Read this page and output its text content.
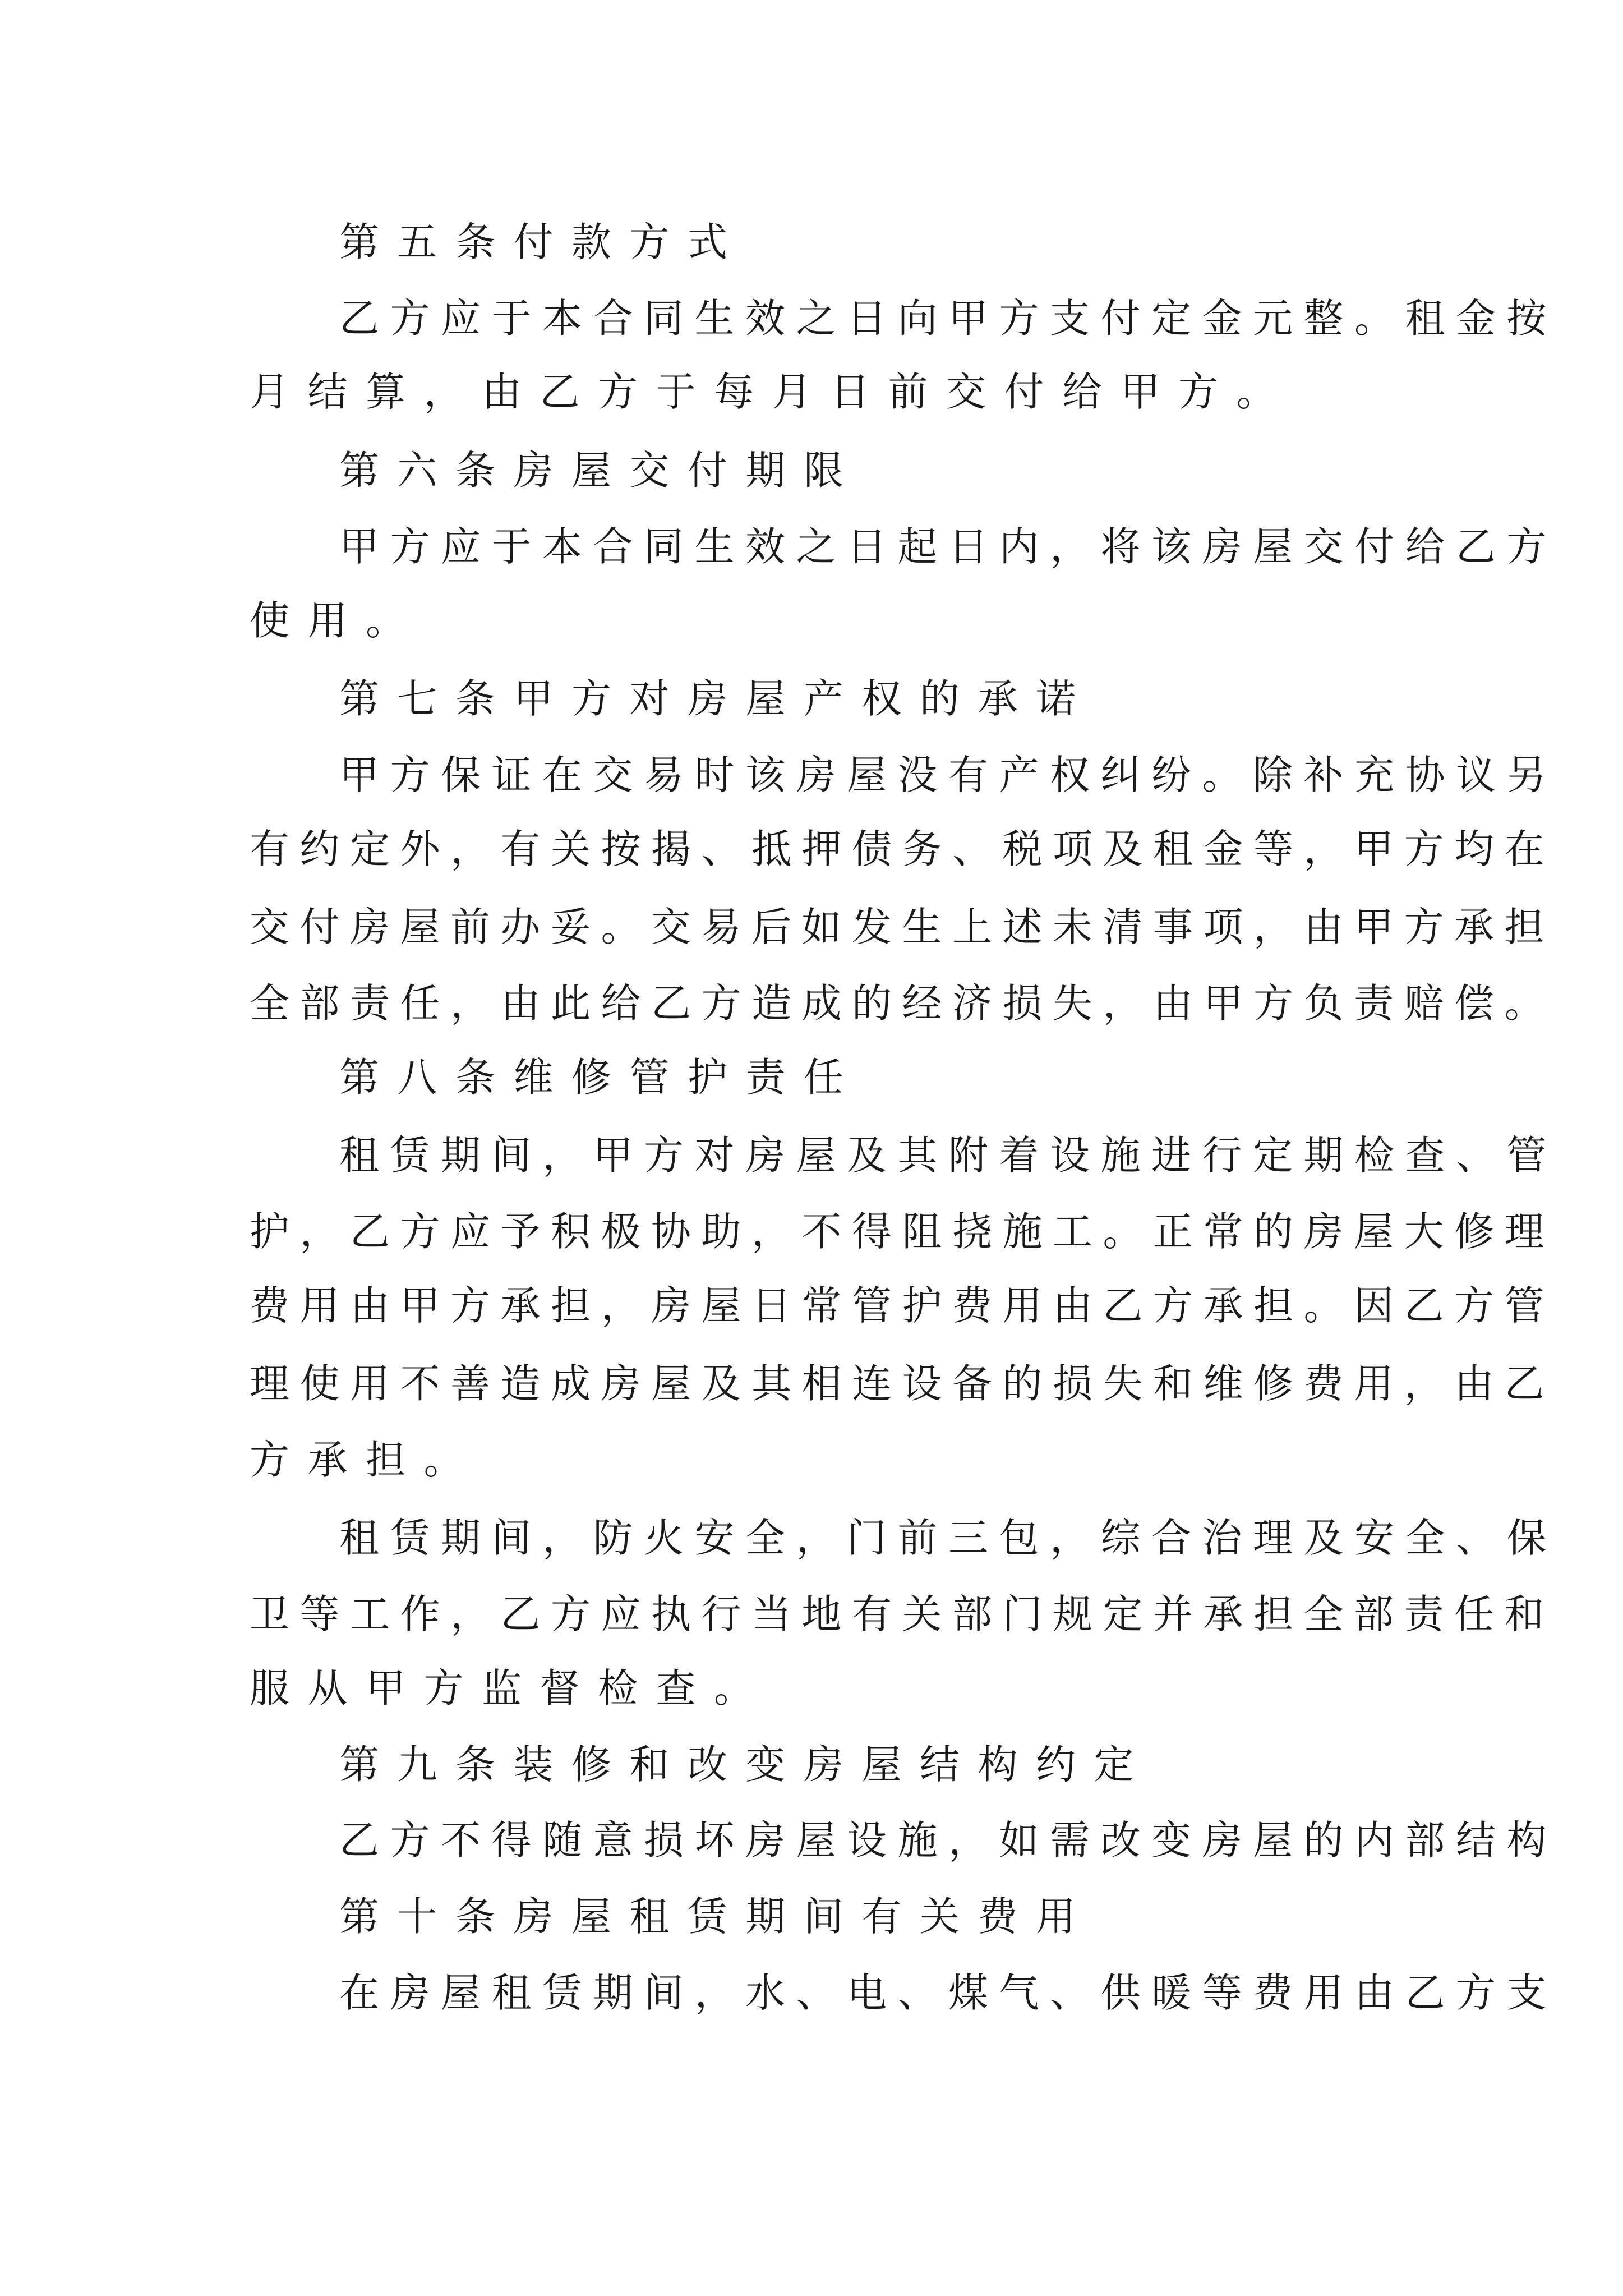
第五条付款方式

乙方应于本合同生效之日向甲方支付定金元整。租金按

月结算，由乙方于每月日前交付给甲方。

第六条房屋交付期限

甲方应于本合同生效之日起日内，将该房屋交付给乙方

使用。

第七条甲方对房屋产权的承诺

甲方保证在交易时该房屋没有产权纠纷。除补充协议另

有约定外，有关按揭、抵押债务、税项及租金等，甲方均在

交付房屋前办妥。交易后如发生上述未清事项，由甲方承担

全部责任，由此给乙方造成的经济损失，由甲方负责赔偿。

第八条维修管护责任

租赁期间，甲方对房屋及其附着设施进行定期检查、管

护，乙方应予积极协助，不得阻挠施工。正常的房屋大修理

费用由甲方承担，房屋日常管护费用由乙方承担。因乙方管

理使用不善造成房屋及其相连设备的损失和维修费用，由乙

方承担。

租赁期间，防火安全，门前三包，综合治理及安全、保

卫等工作，乙方应执行当地有关部门规定并承担全部责任和

服从甲方监督检查。

第九条装修和改变房屋结构约定

乙方不得随意损坏房屋设施，如需改变房屋的内部结构

第十条房屋租赁期间有关费用

在房屋租赁期间，水、电、煤气、供暖等费用由乙方支
